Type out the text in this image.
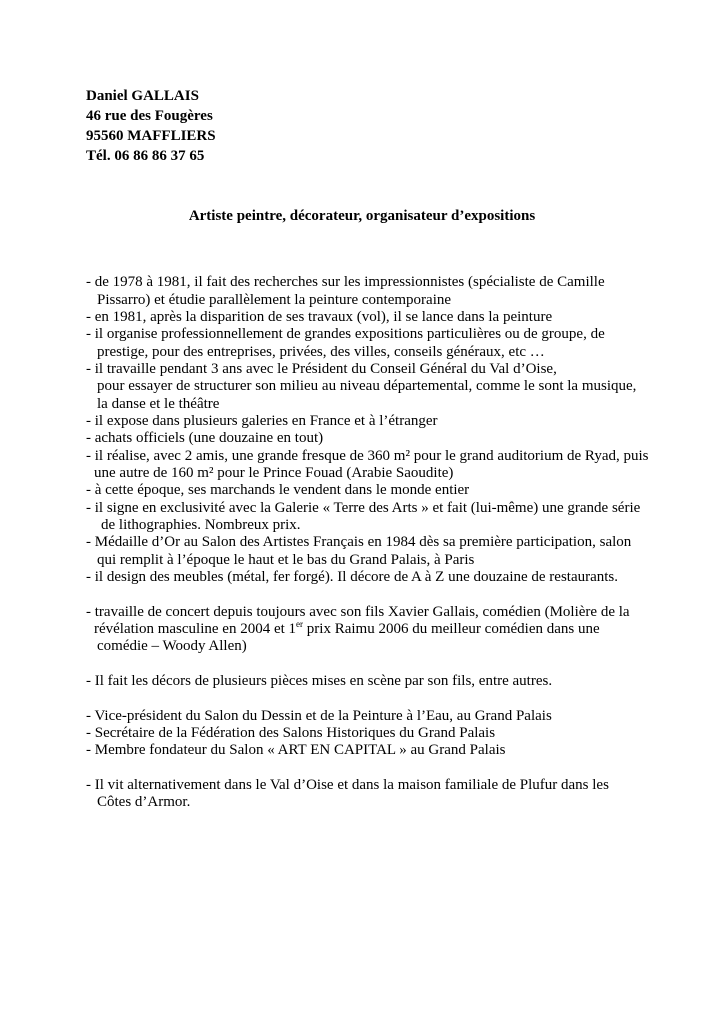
Daniel GALLAIS
46 rue des Fougères
95560 MAFFLIERS
Tél. 06 86 86 37 65
Artiste peintre, décorateur, organisateur d’expositions
- de 1978 à 1981, il fait des recherches sur les impressionnistes (spécialiste de Camille
Pissarro) et étudie parallèlement la peinture contemporaine
- en 1981, après la disparition de ses travaux (vol), il se lance dans la peinture
- il organise professionnellement de grandes expositions particulières ou de groupe, de
prestige, pour des entreprises, privées, des villes, conseils généraux, etc …
- il travaille pendant 3 ans avec le Président du Conseil Général du Val d’Oise,
pour essayer de structurer son milieu au niveau départemental, comme le sont la musique,
la danse et le théâtre
- il expose dans plusieurs galeries en France et à l’étranger
- achats officiels (une douzaine en tout)
- il réalise, avec 2 amis, une grande fresque de 360 m² pour le grand auditorium de Ryad, puis
une autre de 160 m² pour le Prince Fouad (Arabie Saoudite)
- à cette époque, ses marchands le vendent dans le monde entier
- il signe en exclusivité avec la Galerie « Terre des Arts » et fait (lui-même) une grande série
de lithographies. Nombreux prix.
- Médaille d’Or au Salon des Artistes Français en 1984 dès sa première participation, salon
qui remplit à l’époque le haut et le bas du Grand Palais, à Paris
- il design des meubles (métal, fer forgé). Il décore de A à Z une douzaine de restaurants.
- travaille de concert depuis toujours avec son fils Xavier Gallais, comédien (Molière de la
révélation masculine en 2004 et 1er prix Raimu 2006 du meilleur comédien dans une
comédie – Woody Allen)
- Il fait les décors de plusieurs pièces mises en scène par son fils, entre autres.
- Vice-président du Salon du Dessin et de la Peinture à l’Eau, au Grand Palais
- Secrétaire de la Fédération des Salons Historiques du Grand Palais
- Membre fondateur du Salon « ART EN CAPITAL » au Grand Palais
- Il vit alternativement dans le Val d’Oise et dans la maison familiale de Plufur dans les
Côtes d’Armor.
